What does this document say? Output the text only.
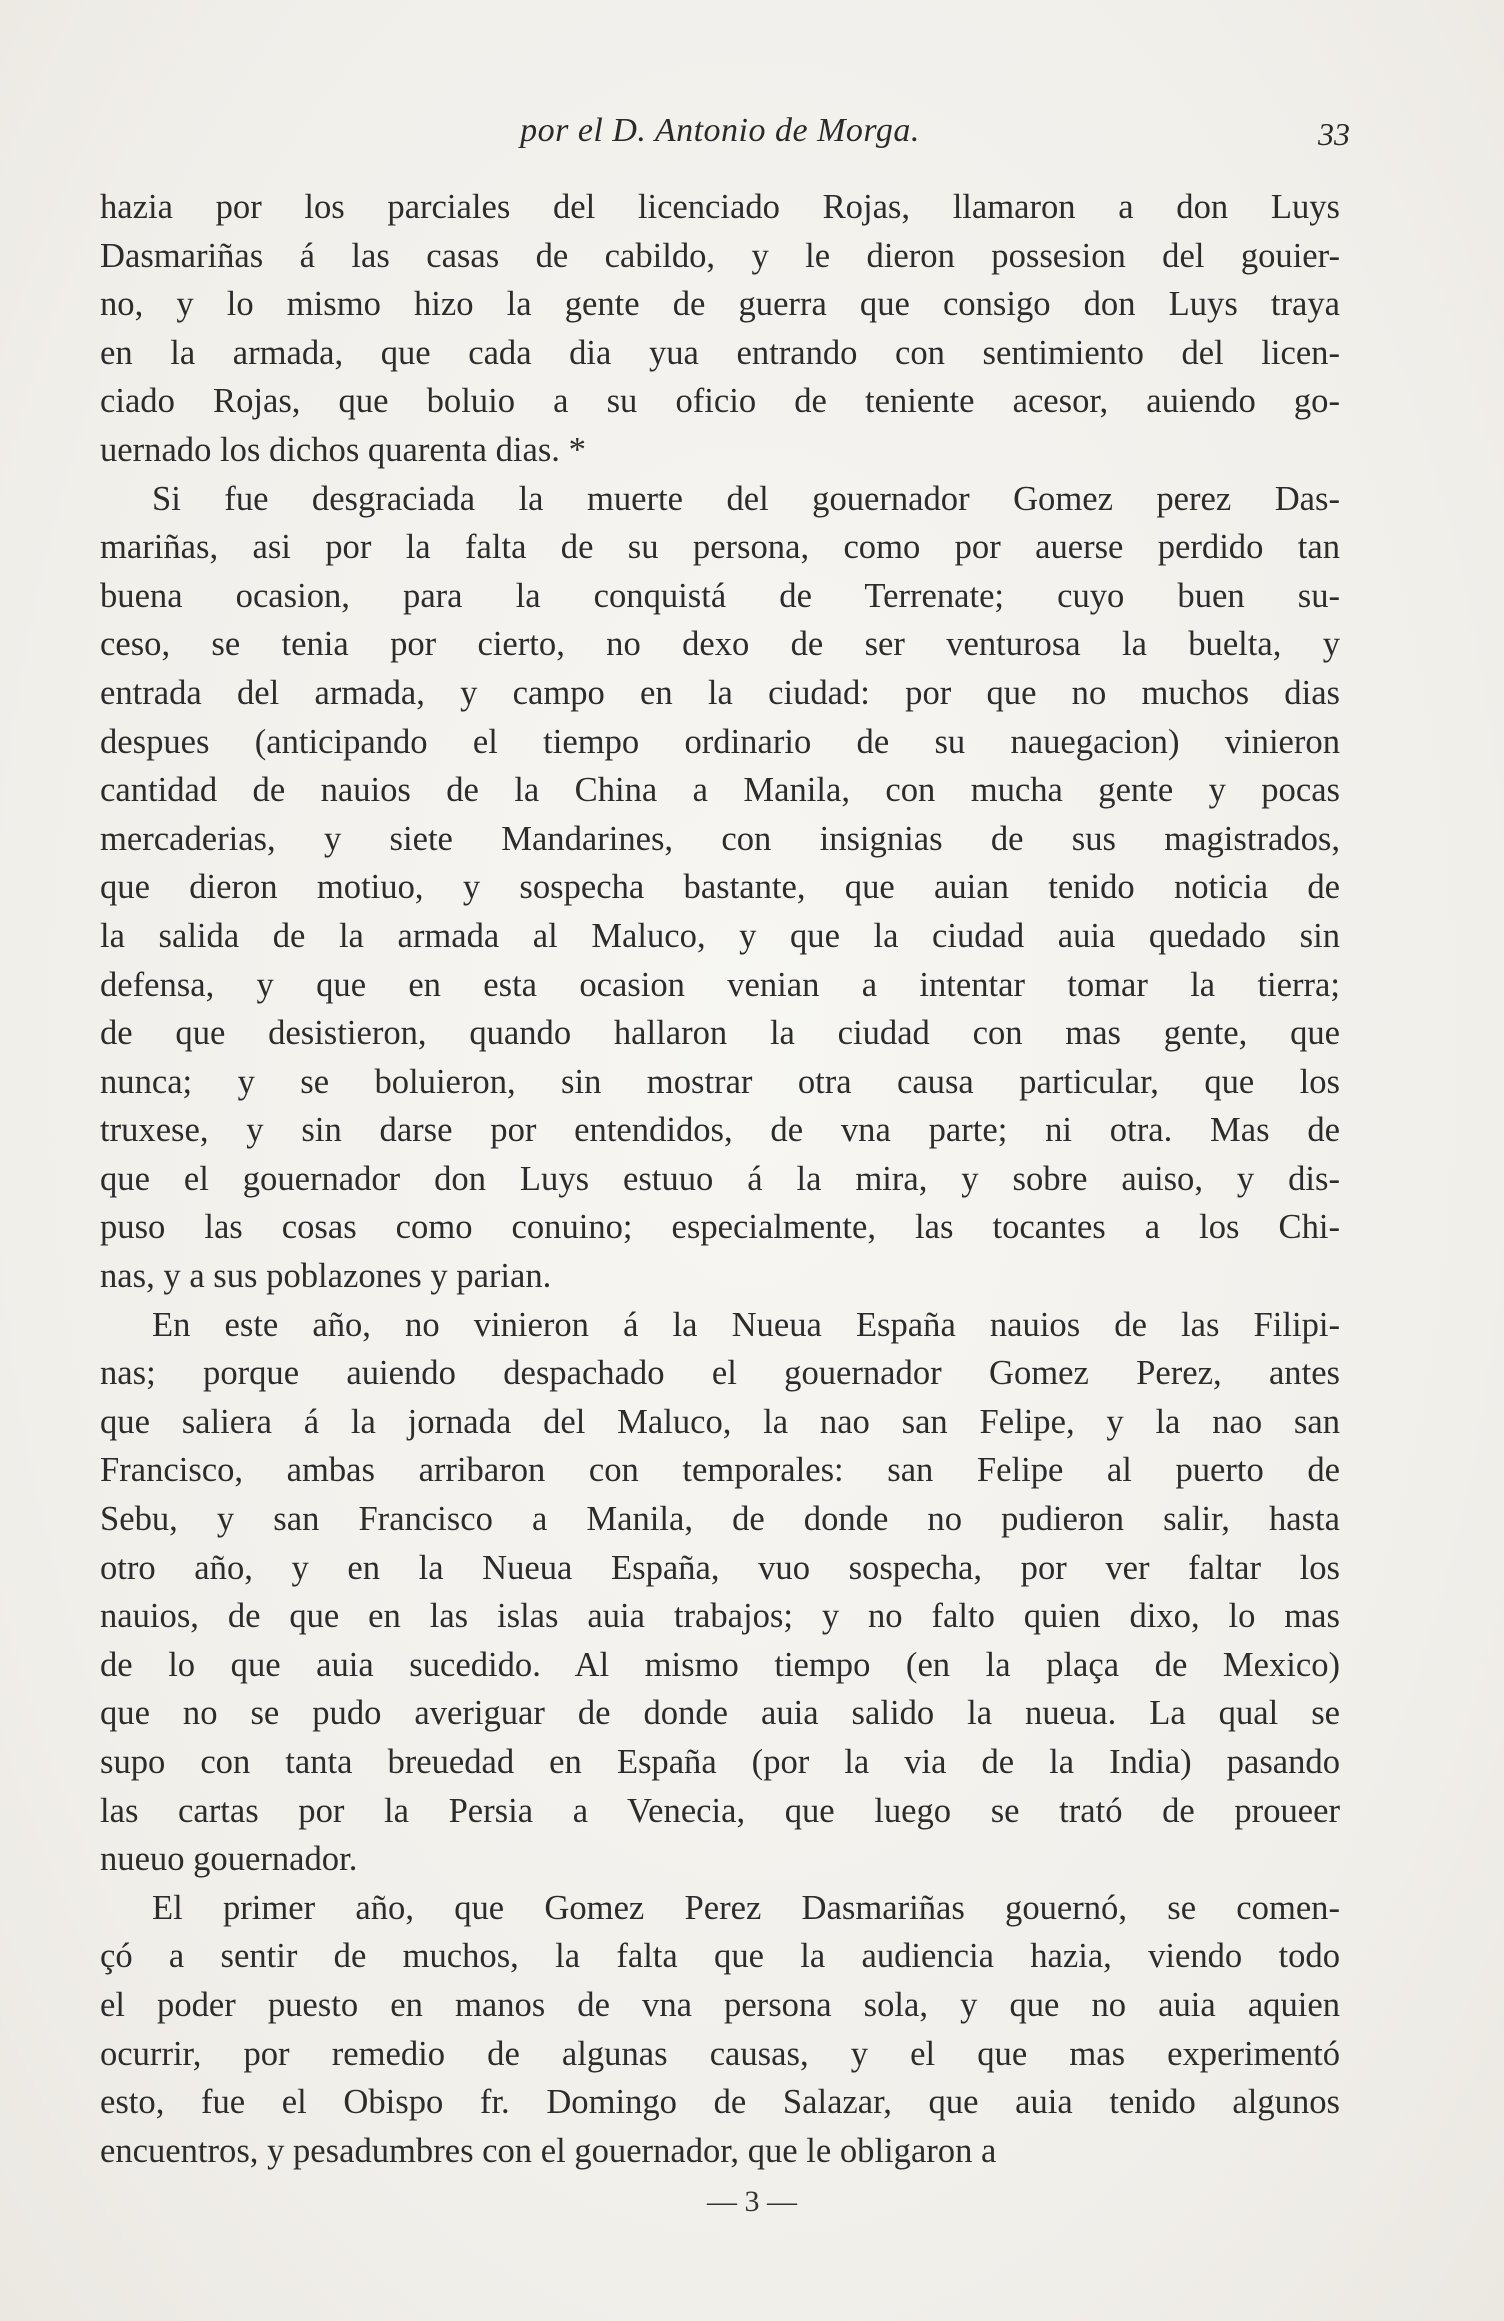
por el D. Antonio de Morga.	33
hazia por los parciales del licenciado Rojas, llamaron a don Luys
Dasmariñas á las casas de cabildo, y le dieron possesion del gouier-
no, y lo mismo hizo la gente de guerra que consigo don Luys traya
en la armada, que cada dia yua entrando con sentimiento del licen-
ciado Rojas, que boluio a su oficio de teniente acesor, auiendo go-
uernado los dichos quarenta dias. *
Si fue desgraciada la muerte del gouernador Gomez perez Das-
mariñas, asi por la falta de su persona, como por auerse perdido tan
buena ocasion, para la conquistá de Terrenate; cuyo buen su-
ceso, se tenia por cierto, no dexo de ser venturosa la buelta, y
entrada del armada, y campo en la ciudad: por que no muchos dias
despues (anticipando el tiempo ordinario de su nauegacion) vinieron
cantidad de nauios de la China a Manila, con mucha gente y pocas
mercaderias, y siete Mandarines, con insignias de sus magistrados,
que dieron motiuo, y sospecha bastante, que auian tenido noticia de
la salida de la armada al Maluco, y que la ciudad auia quedado sin
defensa, y que en esta ocasion venian a intentar tomar la tierra;
de que desistieron, quando hallaron la ciudad con mas gente, que
nunca; y se boluieron, sin mostrar otra causa particular, que los
truxese, y sin darse por entendidos, de vna parte; ni otra. Mas de
que el gouernador don Luys estuuo á la mira, y sobre auiso, y dis-
puso las cosas como conuino; especialmente, las tocantes a los Chi-
nas, y a sus poblazones y parian.
En este año, no vinieron á la Nueua España nauios de las Filipi-
nas; porque auiendo despachado el gouernador Gomez Perez, antes
que saliera á la jornada del Maluco, la nao san Felipe, y la nao san
Francisco, ambas arribaron con temporales: san Felipe al puerto de
Sebu, y san Francisco a Manila, de donde no pudieron salir, hasta
otro año, y en la Nueua España, vuo sospecha, por ver faltar los
nauios, de que en las islas auia trabajos; y no falto quien dixo, lo mas
de lo que auia sucedido. Al mismo tiempo (en la plaça de Mexico)
que no se pudo averiguar de donde auia salido la nueua. La qual se
supo con tanta breuedad en España (por la via de la India) pasando
las cartas por la Persia a Venecia, que luego se trató de proueer
nueuo gouernador.
El primer año, que Gomez Perez Dasmariñas gouernó, se comen-
çó a sentir de muchos, la falta que la audiencia hazia, viendo todo
el poder puesto en manos de vna persona sola, y que no auia aquien
ocurrir, por remedio de algunas causas, y el que mas experimentó
esto, fue el Obispo fr. Domingo de Salazar, que auia tenido algunos
encuentros, y pesadumbres con el gouernador, que le obligaron a
— 3 —
